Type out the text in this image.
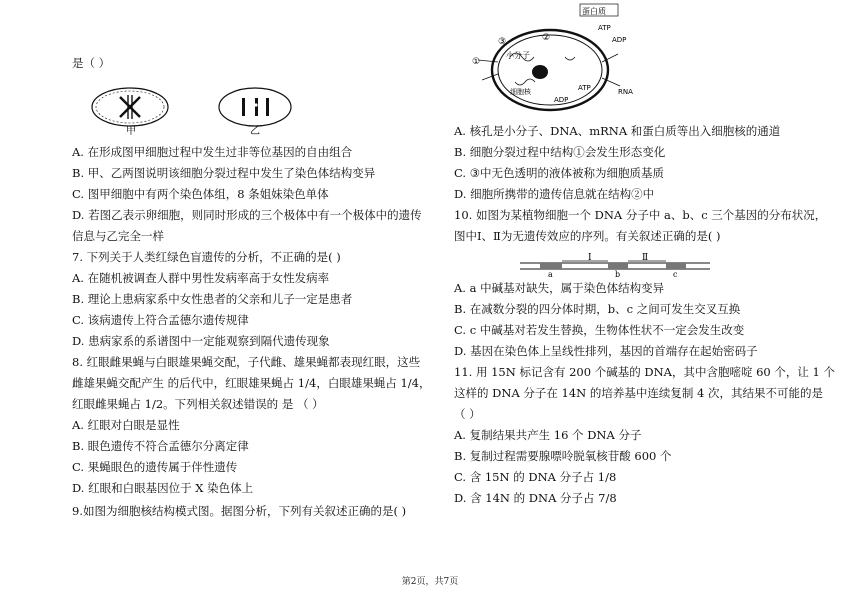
是（ ）
甲	乙
A. 在形成图甲细胞过程中发生过非等位基因的自由组合
B. 甲、乙两图说明该细胞分裂过程中发生了染色体结构变异
C. 图甲细胞中有两个染色体组，8 条姐妹染色单体
D. 若图乙表示卵细胞，则同时形成的三个极体中有一个极体中的遗传
信息与乙完全一样
7. 下列关于人类红绿色盲遗传的分析，不正确的是( )
A. 在随机被调查人群中男性发病率高于女性发病率
B. 理论上患病家系中女性患者的父亲和儿子一定是患者
C. 该病遗传上符合孟德尔遗传规律
D. 患病家系的系谱图中一定能观察到隔代遗传现象
8. 红眼雌果蝇与白眼雄果蝇交配，子代雌、雄果蝇都表现红眼，这些
雌雄果蝇交配产生 的后代中，红眼雄果蝇占 1/4，白眼雄果蝇占 1/4，
红眼雌果蝇占 1/2。下列相关叙述错误的 是 （ ）
A. 红眼对白眼是显性
B. 眼色遗传不符合孟德尔分离定律
C. 果蝇眼色的遗传属于伴性遗传
D. 红眼和白眼基因位于 X 染色体上
9.如图为细胞核结构模式图。据图分析，下列有关叙述正确的是( )
蛋白质
ATP
ADP
小分子
细胞核	ATP
ADP
RNA
①
②
③
A. 核孔是小分子、DNA、mRNA 和蛋白质等出入细胞核的通道
B. 细胞分裂过程中结构①会发生形态变化
C. ③中无色透明的液体被称为细胞质基质
D. 细胞所携带的遗传信息就在结构②中
10. 如图为某植物细胞一个 DNA 分子中 a、b、c 三个基因的分布状况，
图中Ⅰ、Ⅱ为无遗传效应的序列。有关叙述正确的是( )
Ⅰ	Ⅱ
a	b	c
A. a 中碱基对缺失，属于染色体结构变异
B. 在减数分裂的四分体时期，b、c 之间可发生交叉互换
C. c 中碱基对若发生替换，生物体性状不一定会发生改变
D. 基因在染色体上呈线性排列，基因的首端存在起始密码子
11. 用 15N 标记含有 200 个碱基的 DNA，其中含胞嘧啶 60 个，让 1 个
这样的 DNA 分子在 14N 的培养基中连续复制 4 次，其结果不可能的是
（ ）
A. 复制结果共产生 16 个 DNA 分子
B. 复制过程需要腺嘌呤脱氧核苷酸 600 个
C. 含 15N 的 DNA 分子占 1/8
D. 含 14N 的 DNA 分子占 7/8
第2页，共7页
